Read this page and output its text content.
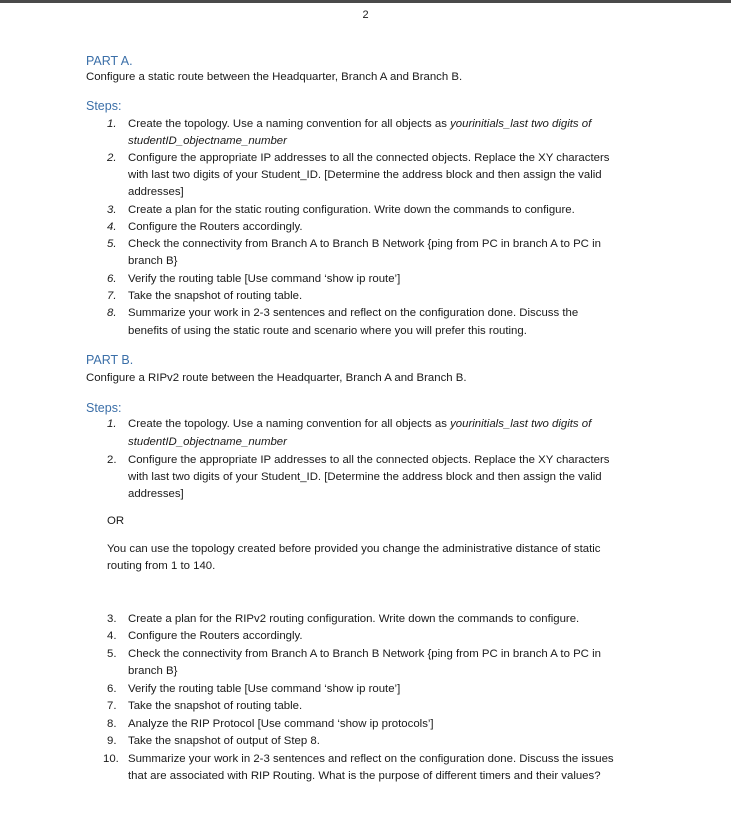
2
PART A.
Configure a static route between the Headquarter, Branch A and Branch B.
Steps:
1. Create the topology. Use a naming convention for all objects as yourinitials_last two digits of
studentID_objectname_number
2. Configure the appropriate IP addresses to all the connected objects. Replace the XY characters
with last two digits of your Student_ID. [Determine the address block and then assign the valid
addresses]
3. Create a plan for the static routing configuration. Write down the commands to configure.
4. Configure the Routers accordingly.
5. Check the connectivity from Branch A to Branch B Network {ping from PC in branch A to PC in
branch B}
6. Verify the routing table [Use command ‘show ip route’]
7. Take the snapshot of routing table.
8. Summarize your work in 2-3 sentences and reflect on the configuration done. Discuss the
benefits of using the static route and scenario where you will prefer this routing.
PART B.
Configure a RIPv2 route between the Headquarter, Branch A and Branch B.
Steps:
1. Create the topology. Use a naming convention for all objects as yourinitials_last two digits of
studentID_objectname_number
2. Configure the appropriate IP addresses to all the connected objects. Replace the XY characters
with last two digits of your Student_ID. [Determine the address block and then assign the valid
addresses]
OR
You can use the topology created before provided you change the administrative distance of static
routing from 1 to 140.
3. Create a plan for the RIPv2 routing configuration. Write down the commands to configure.
4. Configure the Routers accordingly.
5. Check the connectivity from Branch A to Branch B Network {ping from PC in branch A to PC in
branch B}
6. Verify the routing table [Use command ‘show ip route’]
7. Take the snapshot of routing table.
8. Analyze the RIP Protocol [Use command ‘show ip protocols’]
9. Take the snapshot of output of Step 8.
10. Summarize your work in 2-3 sentences and reflect on the configuration done. Discuss the issues
that are associated with RIP Routing. What is the purpose of different timers and their values?
